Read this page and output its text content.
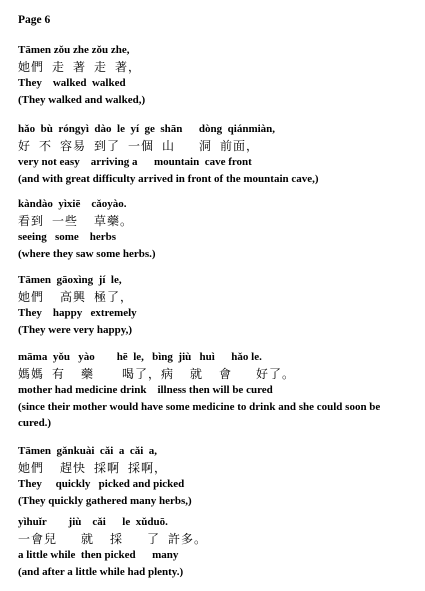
Page 6
Tāmen zǒu zhe zǒu zhe,
她們  走  著  走  著，
They    walked  walked
(They walked and walked,)
hǎo  bù  róngyì  dào  le  yí  ge  shān      dòng  qiánmiàn,
好  不  容易  到了  一個  山      洞  前面，
very not easy    arriving a      mountain  cave front
(and with great difficulty arrived in front of the mountain cave,)
kàndào  yìxiē    cǎoyào.
看到  一些    草藥。
seeing   some    herbs
(where they saw some herbs.)
Tāmen  gāoxìng  jí  le,
她們    高興  極了，
They    happy   extremely
(They were very happy,)
māma  yǒu   yào        hē  le,   bìng  jiù   huì      hǎo le.
媽媽  有    藥       喝了，病    就    會      好了。
mother had medicine drink    illness then will be cured
(since their mother would have some medicine to drink and she could soon be cured.)
Tāmen  gǎnkuài  cǎi  a  cǎi  a,
她們    趕快  採啊  採啊，
They     quickly   picked and picked
(They quickly gathered many herbs,)
yìhuǐr        jiù    cǎi      le  xǔduō.
一會兒      就    採      了  許多。
a little while  then picked      many
(and after a little while had plenty.)
